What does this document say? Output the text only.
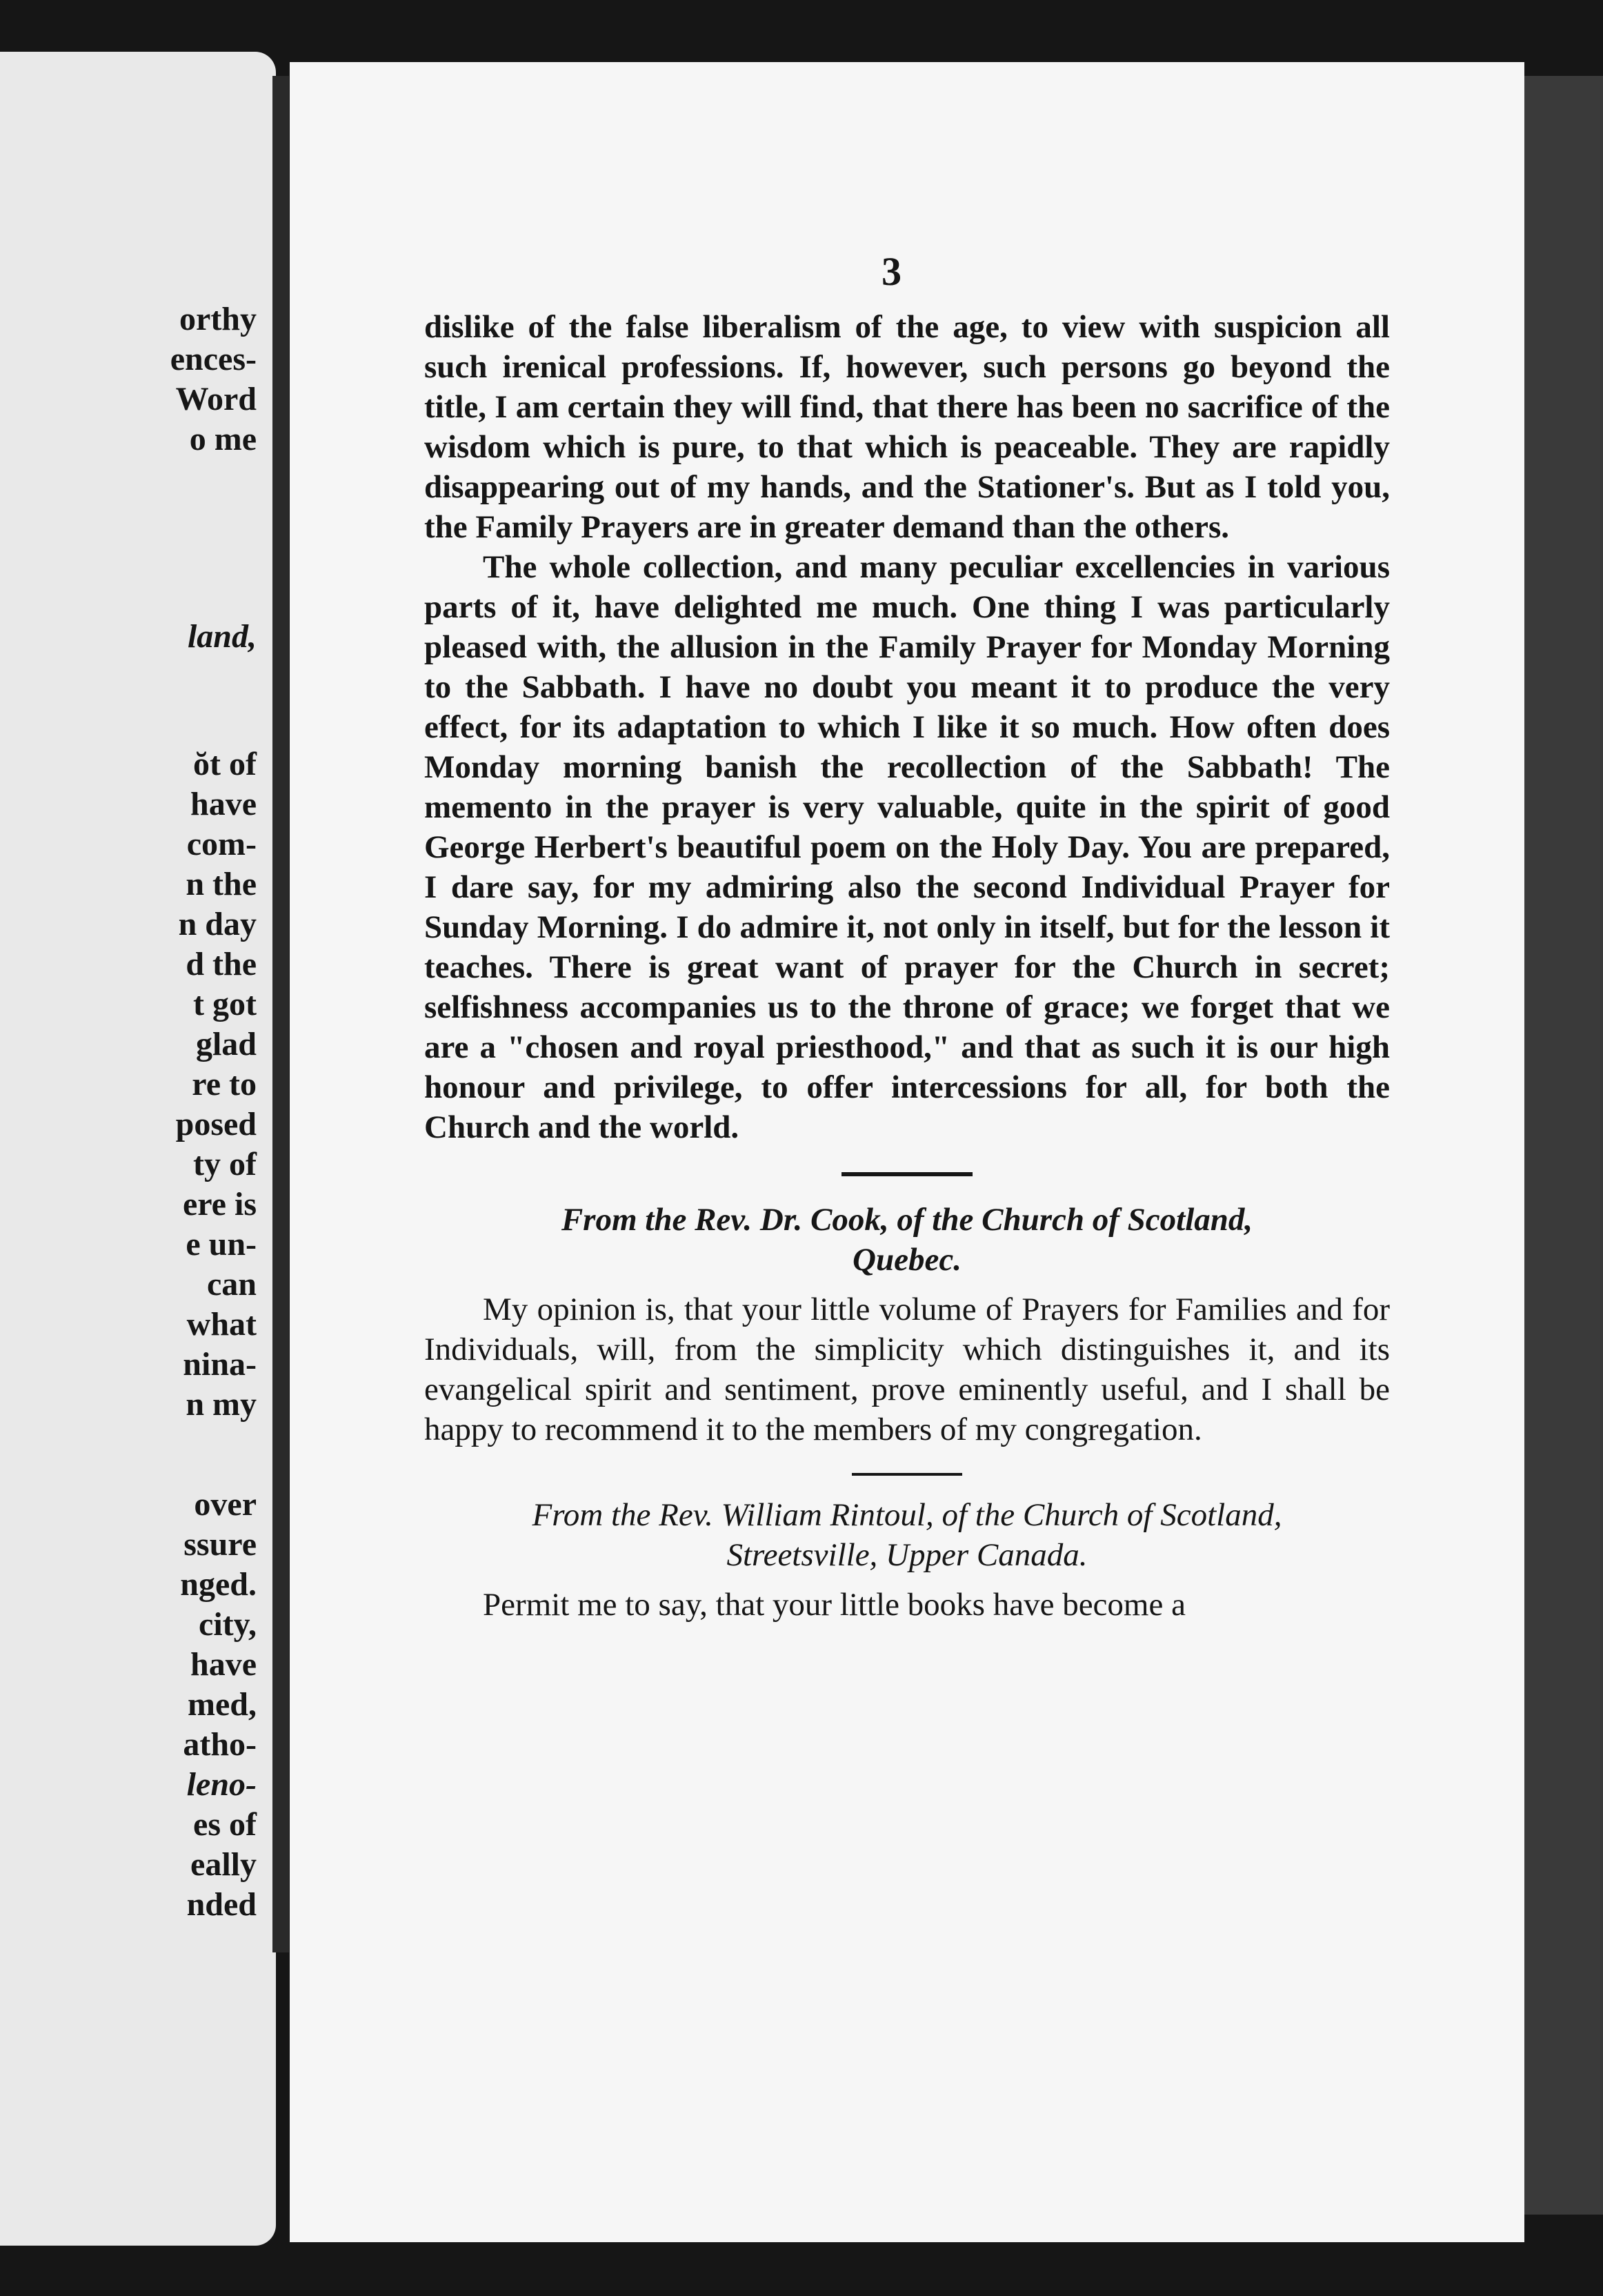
orthy
ences-
Word
o me
land,
ŏt of
have
com-
n the
n day
d the
t got
glad
re to
posed
ty of
ere is
e un-
can
what
nina-
n my
over
ssure
nged.
city,
have
med,
atho-
leno-
es of
eally
nded
3

dislike of the false liberalism of the age, to view with suspicion all such irenical professions. If, however, such persons go beyond the title, I am certain they will find, that there has been no sacrifice of the wisdom which is pure, to that which is peaceable. They are rapidly disappearing out of my hands, and the Stationer's. But as I told you, the Family Prayers are in greater demand than the others.

The whole collection, and many peculiar excellencies in various parts of it, have delighted me much. One thing I was particularly pleased with, the allusion in the Family Prayer for Monday Morning to the Sabbath. I have no doubt you meant it to produce the very effect, for its adaptation to which I like it so much. How often does Monday morning banish the recollection of the Sabbath! The memento in the prayer is very valuable, quite in the spirit of good George Herbert's beautiful poem on the Holy Day. You are prepared, I dare say, for my admiring also the second Individual Prayer for Sunday Morning. I do admire it, not only in itself, but for the lesson it teaches. There is great want of prayer for the Church in secret; selfishness accompanies us to the throne of grace; we forget that we are a "chosen and royal priesthood," and that as such it is our high honour and privilege, to offer intercessions for all, for both the Church and the world.

From the Rev. Dr. Cook, of the Church of Scotland,
Quebec.

My opinion is, that your little volume of Prayers for Families and for Individuals, will, from the simplicity which distinguishes it, and its evangelical spirit and sentiment, prove eminently useful, and I shall be happy to recommend it to the members of my congregation.

From the Rev. William Rintoul, of the Church of Scotland,
Streetsville, Upper Canada.

Permit me to say, that your little books have become a
